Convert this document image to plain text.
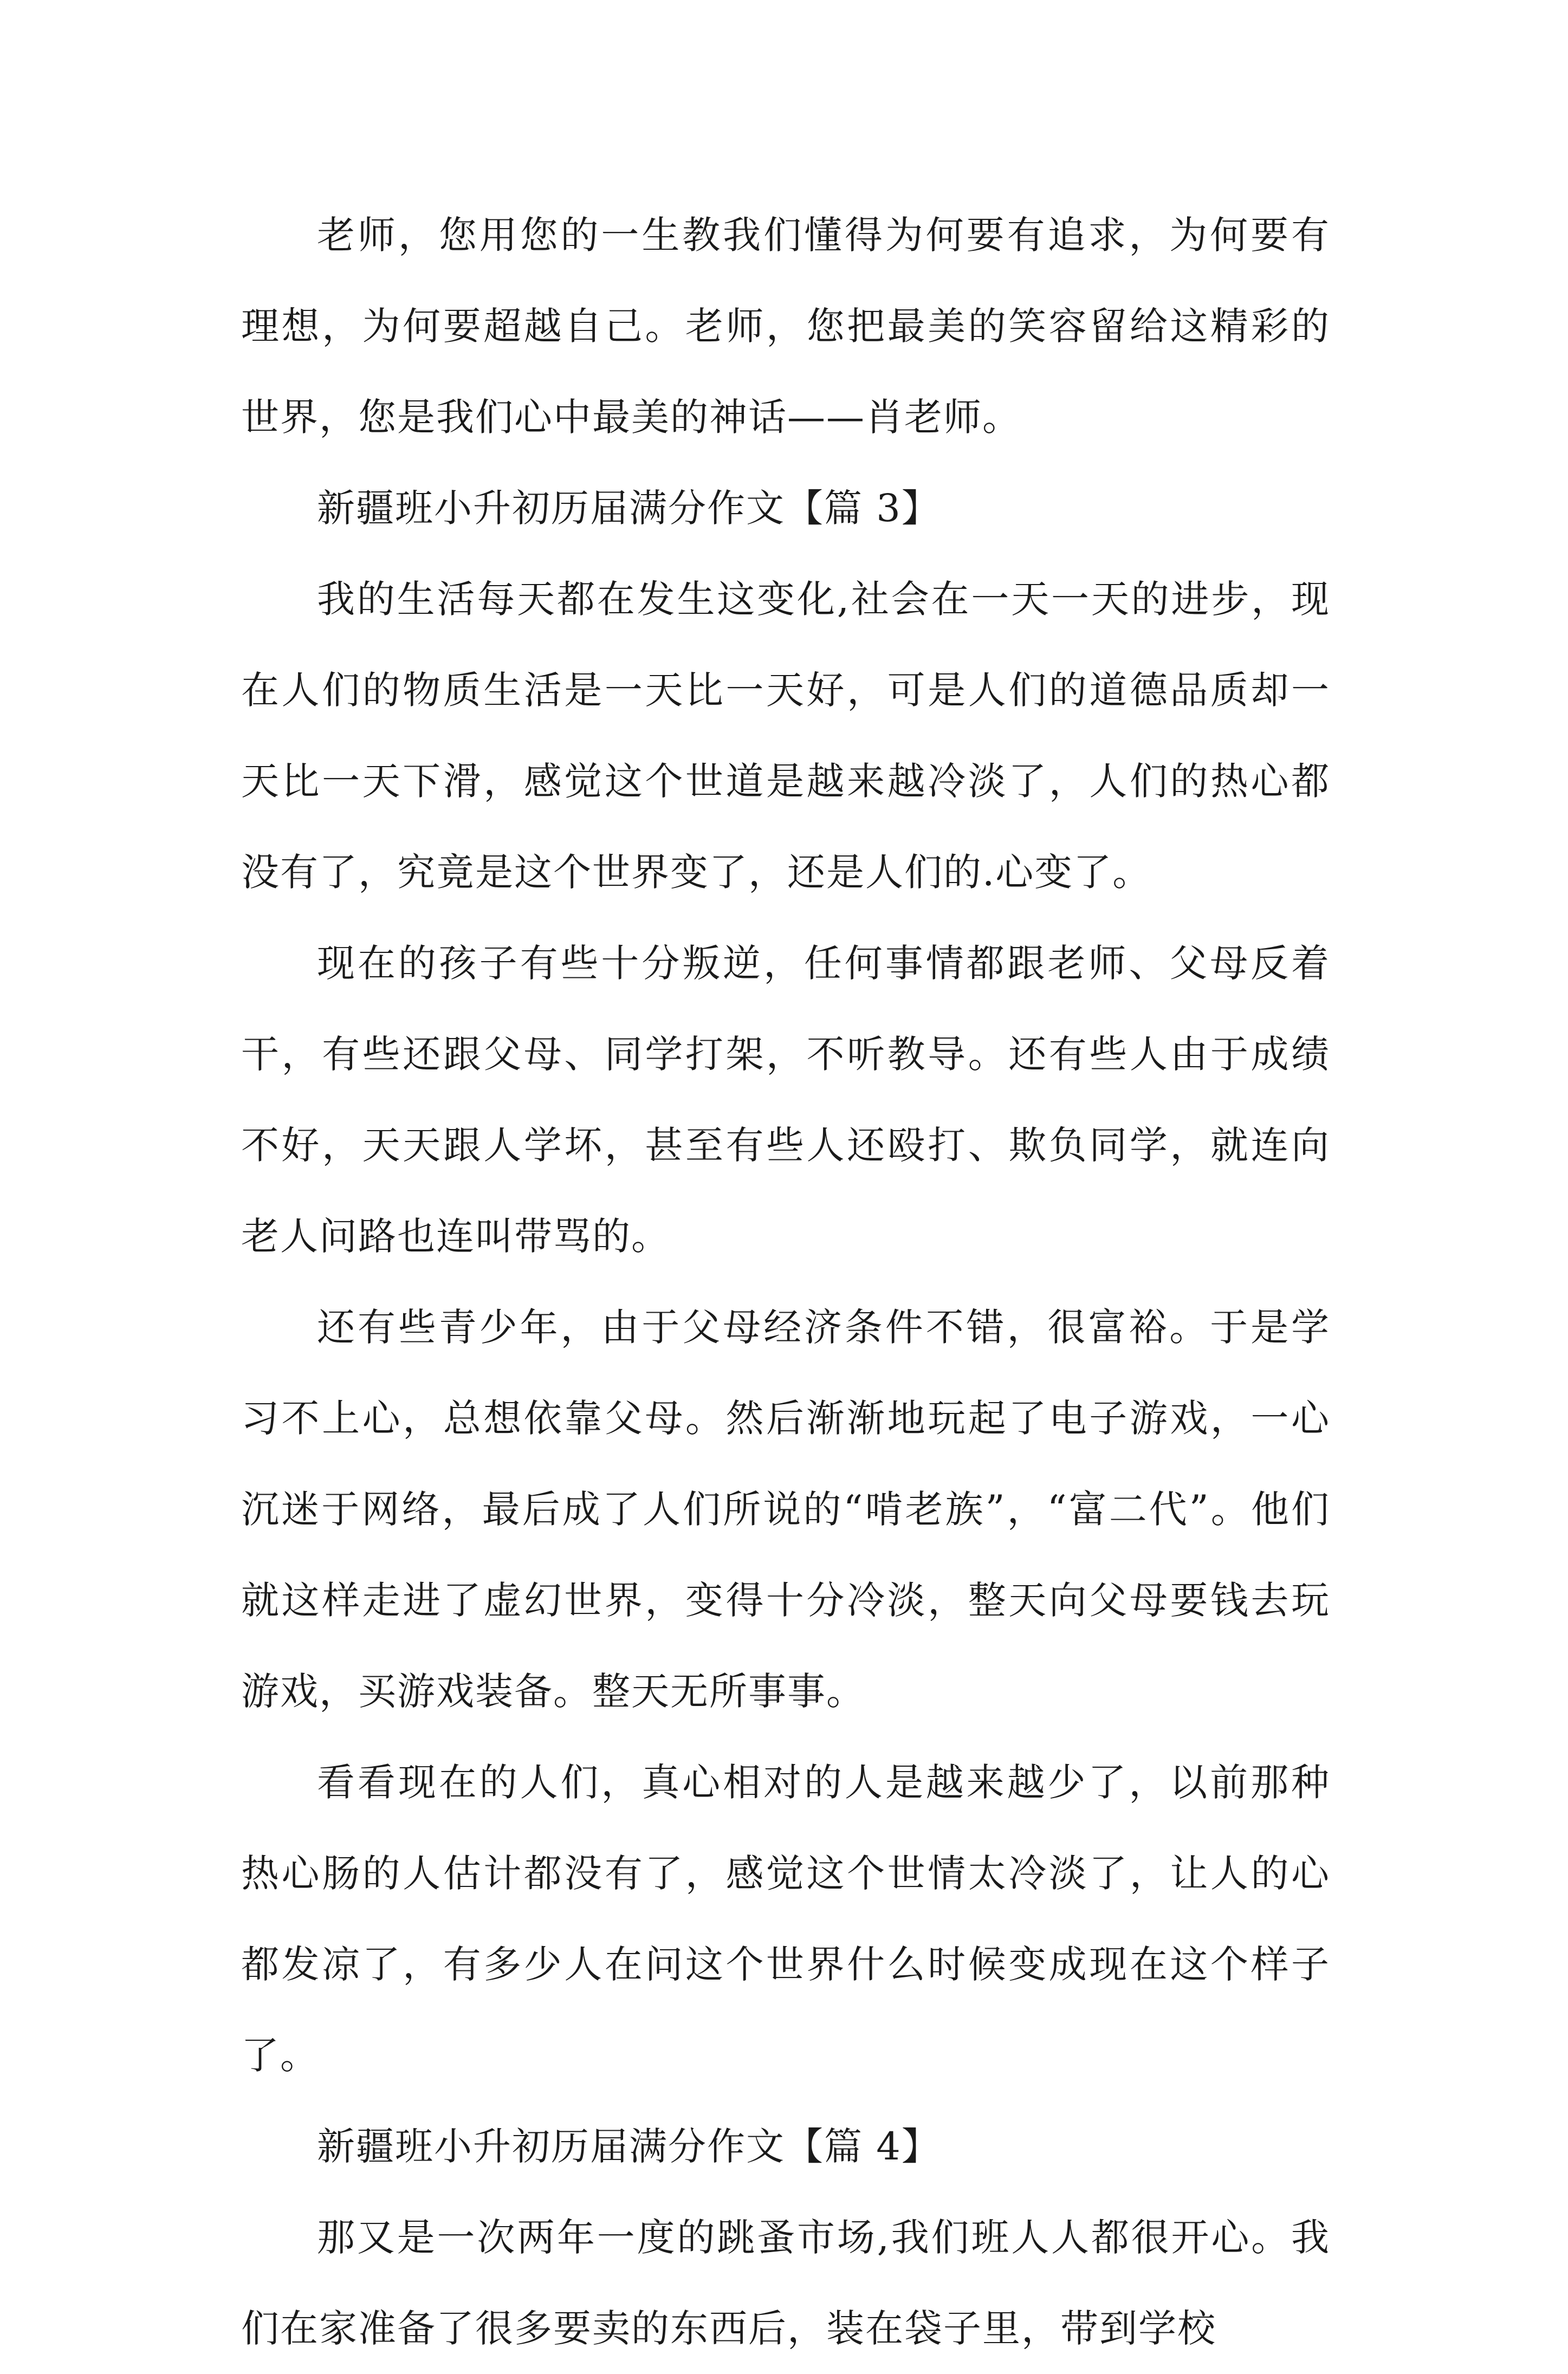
老师，您用您的一生教我们懂得为何要有追求，为何要有理想，为何要超越自己。老师，您把最美的笑容留给这精彩的世界，您是我们心中最美的神话——肖老师。

新疆班小升初历届满分作文【篇 3】

我的生活每天都在发生这变化,社会在一天一天的进步，现在人们的物质生活是一天比一天好，可是人们的道德品质却一天比一天下滑，感觉这个世道是越来越冷淡了，人们的热心都没有了，究竟是这个世界变了，还是人们的.心变了。

现在的孩子有些十分叛逆，任何事情都跟老师、父母反着干，有些还跟父母、同学打架，不听教导。还有些人由于成绩不好，天天跟人学坏，甚至有些人还殴打、欺负同学，就连向老人问路也连叫带骂的。

还有些青少年，由于父母经济条件不错，很富裕。于是学习不上心，总想依靠父母。然后渐渐地玩起了电子游戏，一心沉迷于网络，最后成了人们所说的“啃老族”，“富二代”。他们就这样走进了虚幻世界，变得十分冷淡，整天向父母要钱去玩游戏，买游戏装备。整天无所事事。

看看现在的人们，真心相对的人是越来越少了，以前那种热心肠的人估计都没有了，感觉这个世情太冷淡了，让人的心都发凉了，有多少人在问这个世界什么时候变成现在这个样子了。

新疆班小升初历届满分作文【篇 4】

那又是一次两年一度的跳蚤市场,我们班人人都很开心。我们在家准备了很多要卖的东西后，装在袋子里，带到学校
